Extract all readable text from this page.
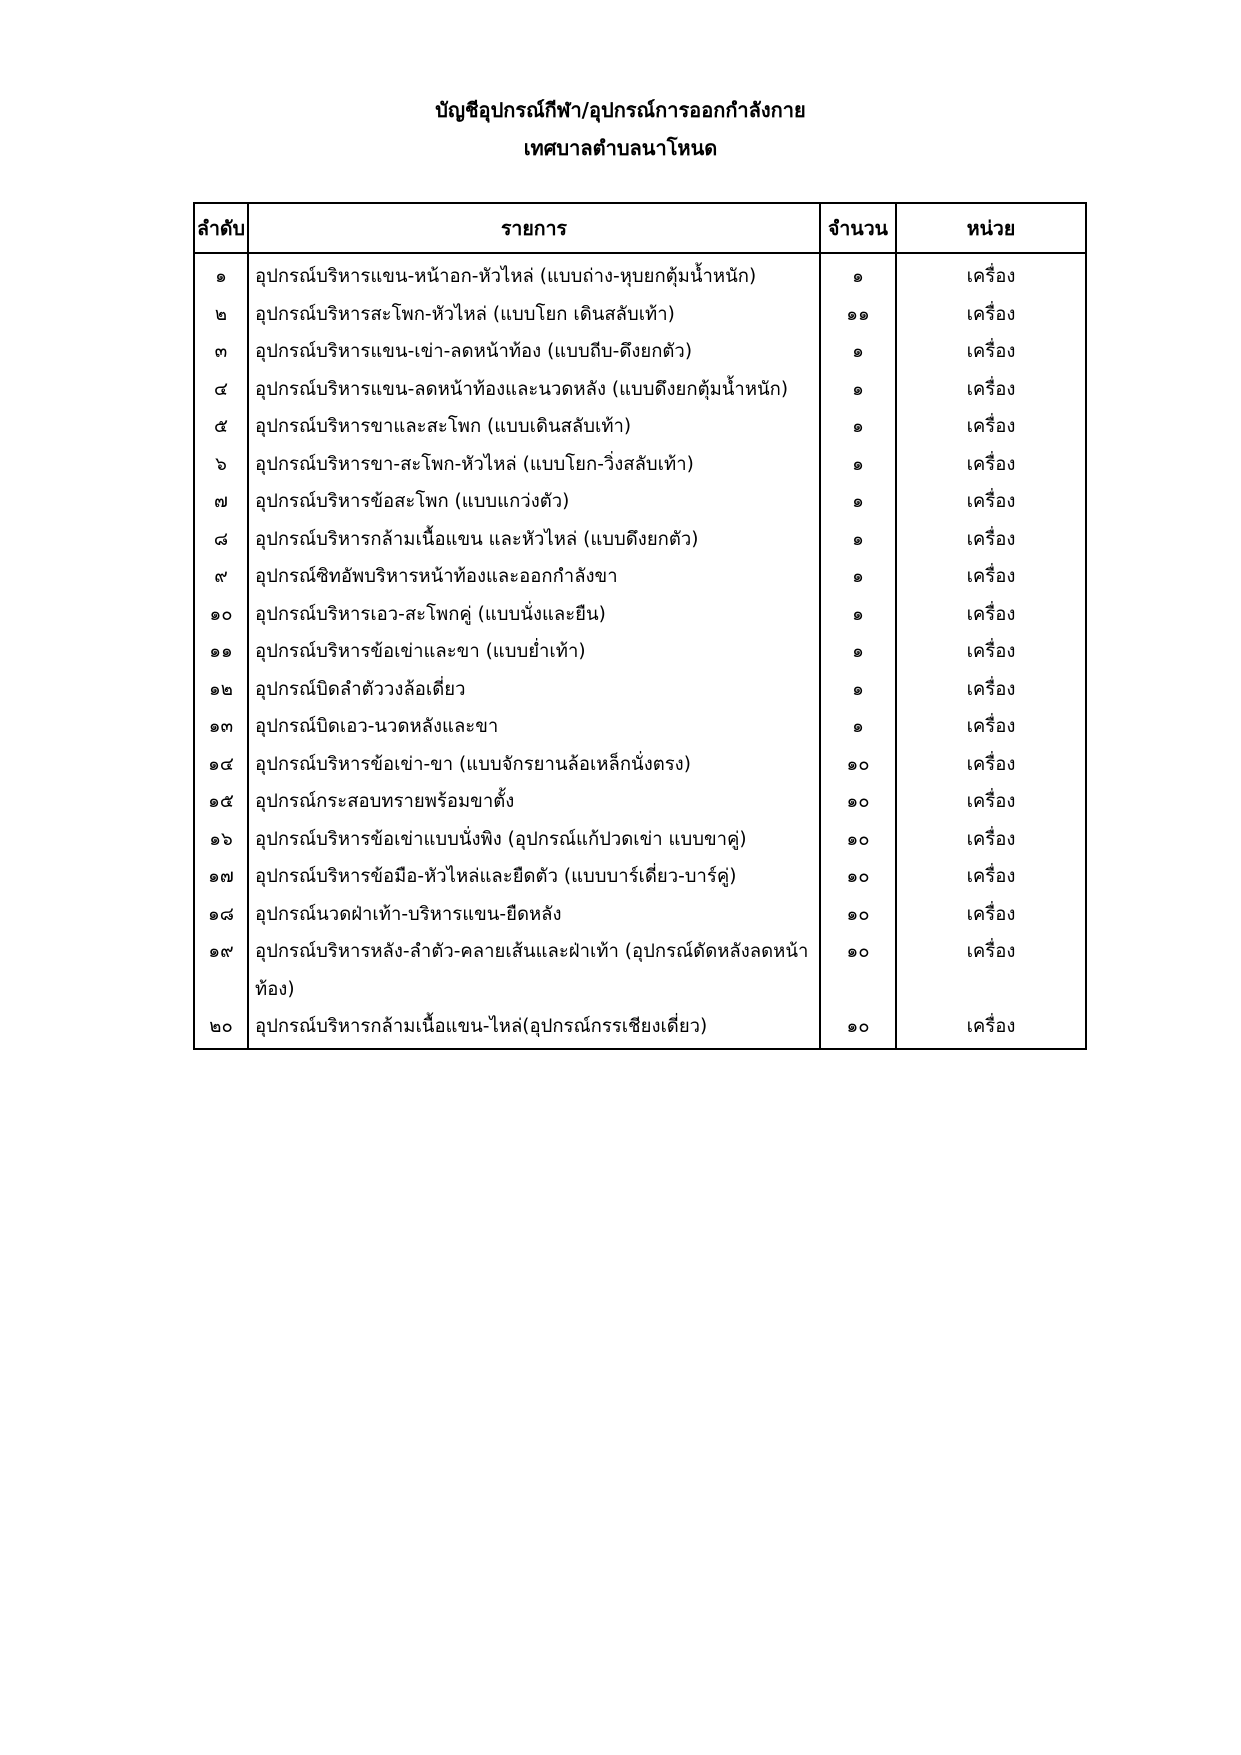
บัญชีอุปกรณ์กีฬา/อุปกรณ์การออกกำลังกาย
เทศบาลตำบลนาโหนด
ลำดับ	รายการ	จำนวน	หน่วย
๑	อุปกรณ์บริหารแขน-หน้าอก-หัวไหล่ (แบบถ่าง-หุบยกตุ้มน้ำหนัก)	๑	เครื่อง
๒	อุปกรณ์บริหารสะโพก-หัวไหล่ (แบบโยก เดินสลับเท้า)	๑๑	เครื่อง
๓	อุปกรณ์บริหารแขน-เข่า-ลดหน้าท้อง (แบบถีบ-ดึงยกตัว)	๑	เครื่อง
๔	อุปกรณ์บริหารแขน-ลดหน้าท้องและนวดหลัง (แบบดึงยกตุ้มน้ำหนัก)	๑	เครื่อง
๕	อุปกรณ์บริหารขาและสะโพก (แบบเดินสลับเท้า)	๑	เครื่อง
๖	อุปกรณ์บริหารขา-สะโพก-หัวไหล่ (แบบโยก-วิ่งสลับเท้า)	๑	เครื่อง
๗	อุปกรณ์บริหารข้อสะโพก (แบบแกว่งตัว)	๑	เครื่อง
๘	อุปกรณ์บริหารกล้ามเนื้อแขน และหัวไหล่ (แบบดึงยกตัว)	๑	เครื่อง
๙	อุปกรณ์ซิทอัพบริหารหน้าท้องและออกกำลังขา	๑	เครื่อง
๑๐	อุปกรณ์บริหารเอว-สะโพกคู่ (แบบนั่งและยืน)	๑	เครื่อง
๑๑	อุปกรณ์บริหารข้อเข่าและขา (แบบย่ำเท้า)	๑	เครื่อง
๑๒	อุปกรณ์บิดลำตัววงล้อเดี่ยว	๑	เครื่อง
๑๓	อุปกรณ์บิดเอว-นวดหลังและขา	๑	เครื่อง
๑๔	อุปกรณ์บริหารข้อเข่า-ขา (แบบจักรยานล้อเหล็กนั่งตรง)	๑๐	เครื่อง
๑๕	อุปกรณ์กระสอบทรายพร้อมขาตั้ง	๑๐	เครื่อง
๑๖	อุปกรณ์บริหารข้อเข่าแบบนั่งพิง (อุปกรณ์แก้ปวดเข่า แบบขาคู่)	๑๐	เครื่อง
๑๗	อุปกรณ์บริหารข้อมือ-หัวไหล่และยืดตัว (แบบบาร์เดี่ยว-บาร์คู่)	๑๐	เครื่อง
๑๘	อุปกรณ์นวดฝ่าเท้า-บริหารแขน-ยืดหลัง	๑๐	เครื่อง
๑๙	อุปกรณ์บริหารหลัง-ลำตัว-คลายเส้นและฝ่าเท้า (อุปกรณ์ดัดหลังลดหน้าท้อง)	๑๐	เครื่อง
๒๐	อุปกรณ์บริหารกล้ามเนื้อแขน-ไหล่(อุปกรณ์กรรเชียงเดี่ยว)	๑๐	เครื่อง
